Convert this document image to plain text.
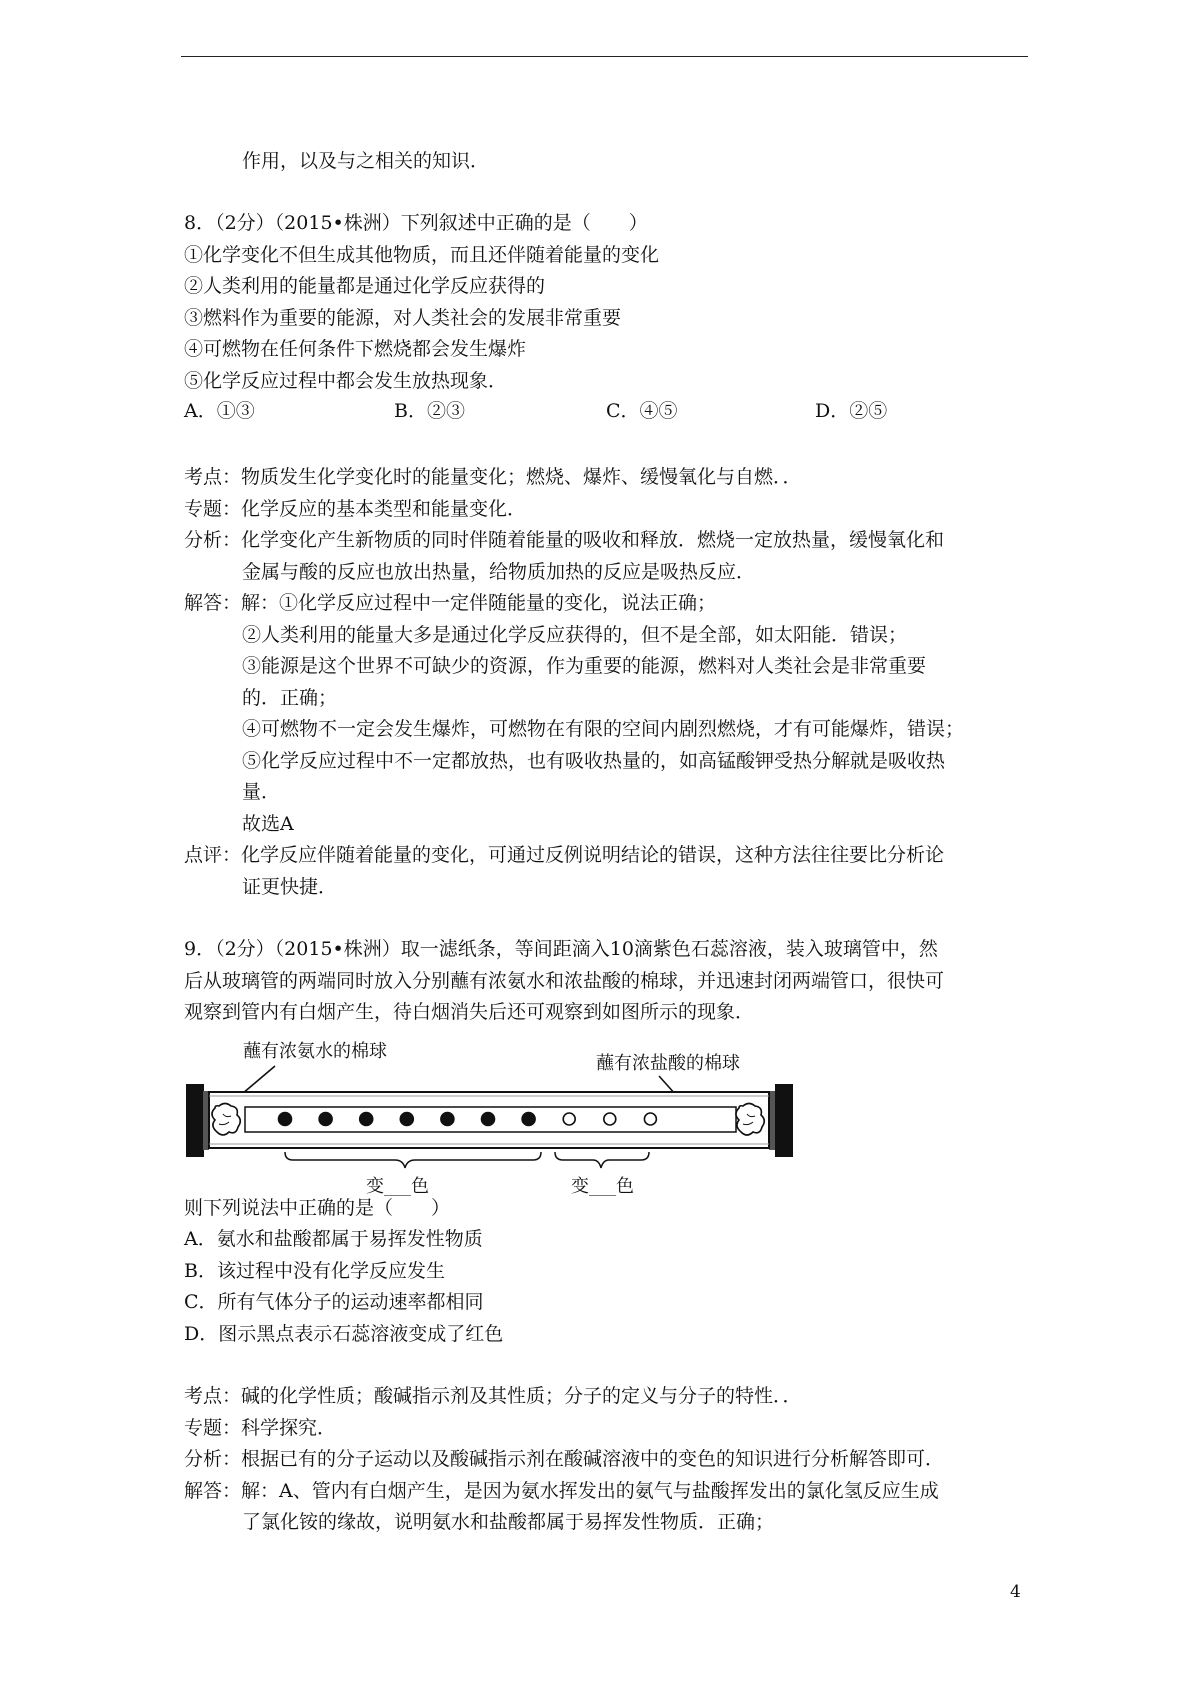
作用，以及与之相关的知识．
8．（2分）（2015•株洲）下列叙述中正确的是（　　）
①化学变化不但生成其他物质，而且还伴随着能量的变化
②人类利用的能量都是通过化学反应获得的
③燃料作为重要的能源，对人类社会的发展非常重要
④可燃物在任何条件下燃烧都会发生爆炸
⑤化学反应过程中都会发生放热现象．
A．①③	B．②③	C．④⑤	D．②⑤
考点：物质发生化学变化时的能量变化；燃烧、爆炸、缓慢氧化与自燃．．
专题：化学反应的基本类型和能量变化．
分析：化学变化产生新物质的同时伴随着能量的吸收和释放．燃烧一定放热量，缓慢氧化和
金属与酸的反应也放出热量，给物质加热的反应是吸热反应．
解答：解：①化学反应过程中一定伴随能量的变化，说法正确；
②人类利用的能量大多是通过化学反应获得的，但不是全部，如太阳能．错误；
③能源是这个世界不可缺少的资源，作为重要的能源，燃料对人类社会是非常重要
的．正确；
④可燃物不一定会发生爆炸，可燃物在有限的空间内剧烈燃烧，才有可能爆炸，错误；
⑤化学反应过程中不一定都放热，也有吸收热量的，如高锰酸钾受热分解就是吸收热
量．
故选A
点评：化学反应伴随着能量的变化，可通过反例说明结论的错误，这种方法往往要比分析论
证更快捷．
9．（2分）（2015•株洲）取一滤纸条，等间距滴入10滴紫色石蕊溶液，装入玻璃管中，然
后从玻璃管的两端同时放入分别蘸有浓氨水和浓盐酸的棉球，并迅速封闭两端管口，很快可
观察到管内有白烟产生，待白烟消失后还可观察到如图所示的现象．
则下列说法中正确的是（　　）
A．氨水和盐酸都属于易挥发性物质
B．该过程中没有化学反应发生
C．所有气体分子的运动速率都相同
D．图示黑点表示石蕊溶液变成了红色
考点：碱的化学性质；酸碱指示剂及其性质；分子的定义与分子的特性．．
专题：科学探究．
分析：根据已有的分子运动以及酸碱指示剂在酸碱溶液中的变色的知识进行分析解答即可．
解答：解：A、管内有白烟产生，是因为氨水挥发出的氨气与盐酸挥发出的氯化氢反应生成
了氯化铵的缘故，说明氨水和盐酸都属于易挥发性物质．正确；
蘸有浓氨水的棉球
蘸有浓盐酸的棉球
变___色	变___色
4
